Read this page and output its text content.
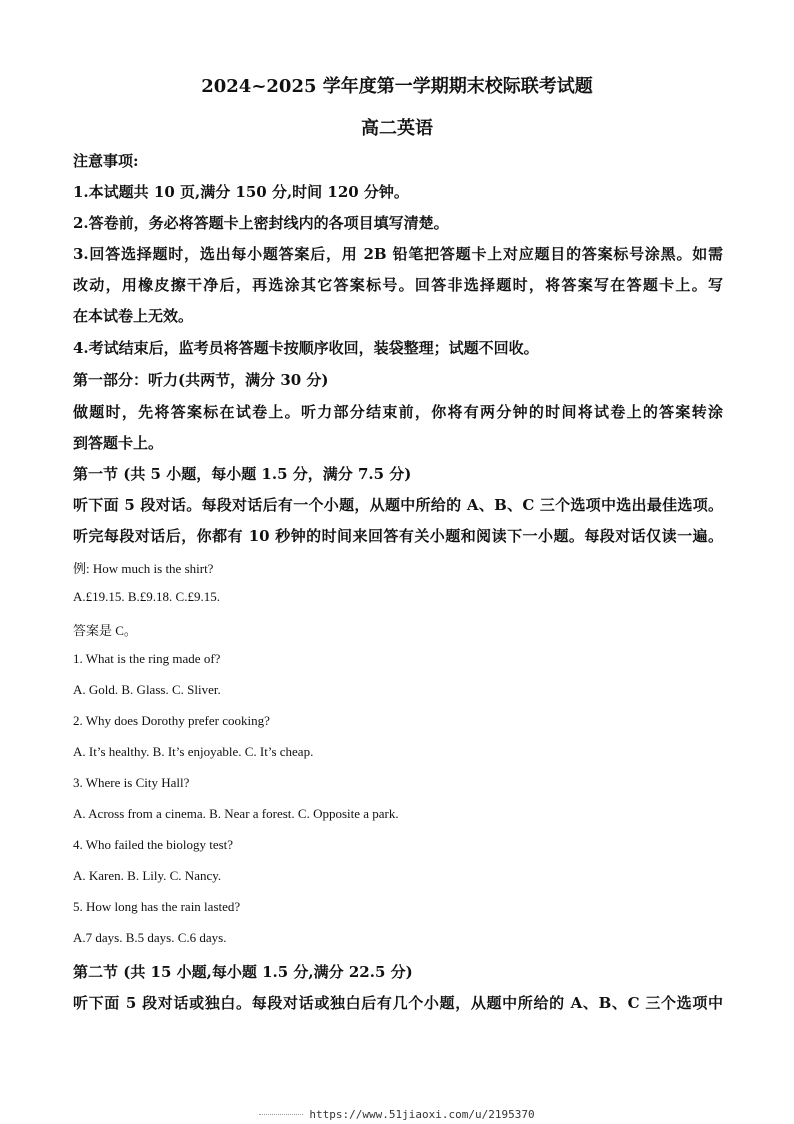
2024~2025 学年度第一学期期末校际联考试题
高二英语
注意事项:
1.本试题共 10 页,满分 150 分,时间 120 分钟。
2.答卷前，务必将答题卡上密封线内的各项目填写清楚。
3.回答选择题时，选出每小题答案后，用 2B 铅笔把答题卡上对应题目的答案标号涂黑。如需
改动，用橡皮擦干净后，再选涂其它答案标号。回答非选择题时，将答案写在答题卡上。写
在本试卷上无效。
4.考试结束后，监考员将答题卡按顺序收回，装袋整理；试题不回收。
第一部分：听力(共两节，满分 30 分)
做题时，先将答案标在试卷上。听力部分结束前，你将有两分钟的时间将试卷上的答案转涂
到答题卡上。
第一节 (共 5 小题，每小题 1.5 分，满分 7.5 分)
听下面 5 段对话。每段对话后有一个小题，从题中所给的 A、B、C 三个选项中选出最佳选项。
听完每段对话后，你都有 10 秒钟的时间来回答有关小题和阅读下一小题。每段对话仅读一遍。
例: How much is the shirt?
A.£19.15. B.£9.18. C.£9.15.
答案是 C。
1. What is the ring made of?
A. Gold. B. Glass. C. Sliver.
2. Why does Dorothy prefer cooking?
A. It’s healthy. B. It’s enjoyable. C. It’s cheap.
3. Where is City Hall?
A. Across from a cinema. B. Near a forest. C. Opposite a park.
4. Who failed the biology test?
A. Karen. B. Lily. C. Nancy.
5. How long has the rain lasted?
A.7 days. B.5 days. C.6 days.
第二节 (共 15 小题,每小题 1.5 分,满分 22.5 分)
听下面 5 段对话或独白。每段对话或独白后有几个小题，从题中所给的 A、B、C 三个选项中
https://www.51jiaoxi.com/u/2195370
